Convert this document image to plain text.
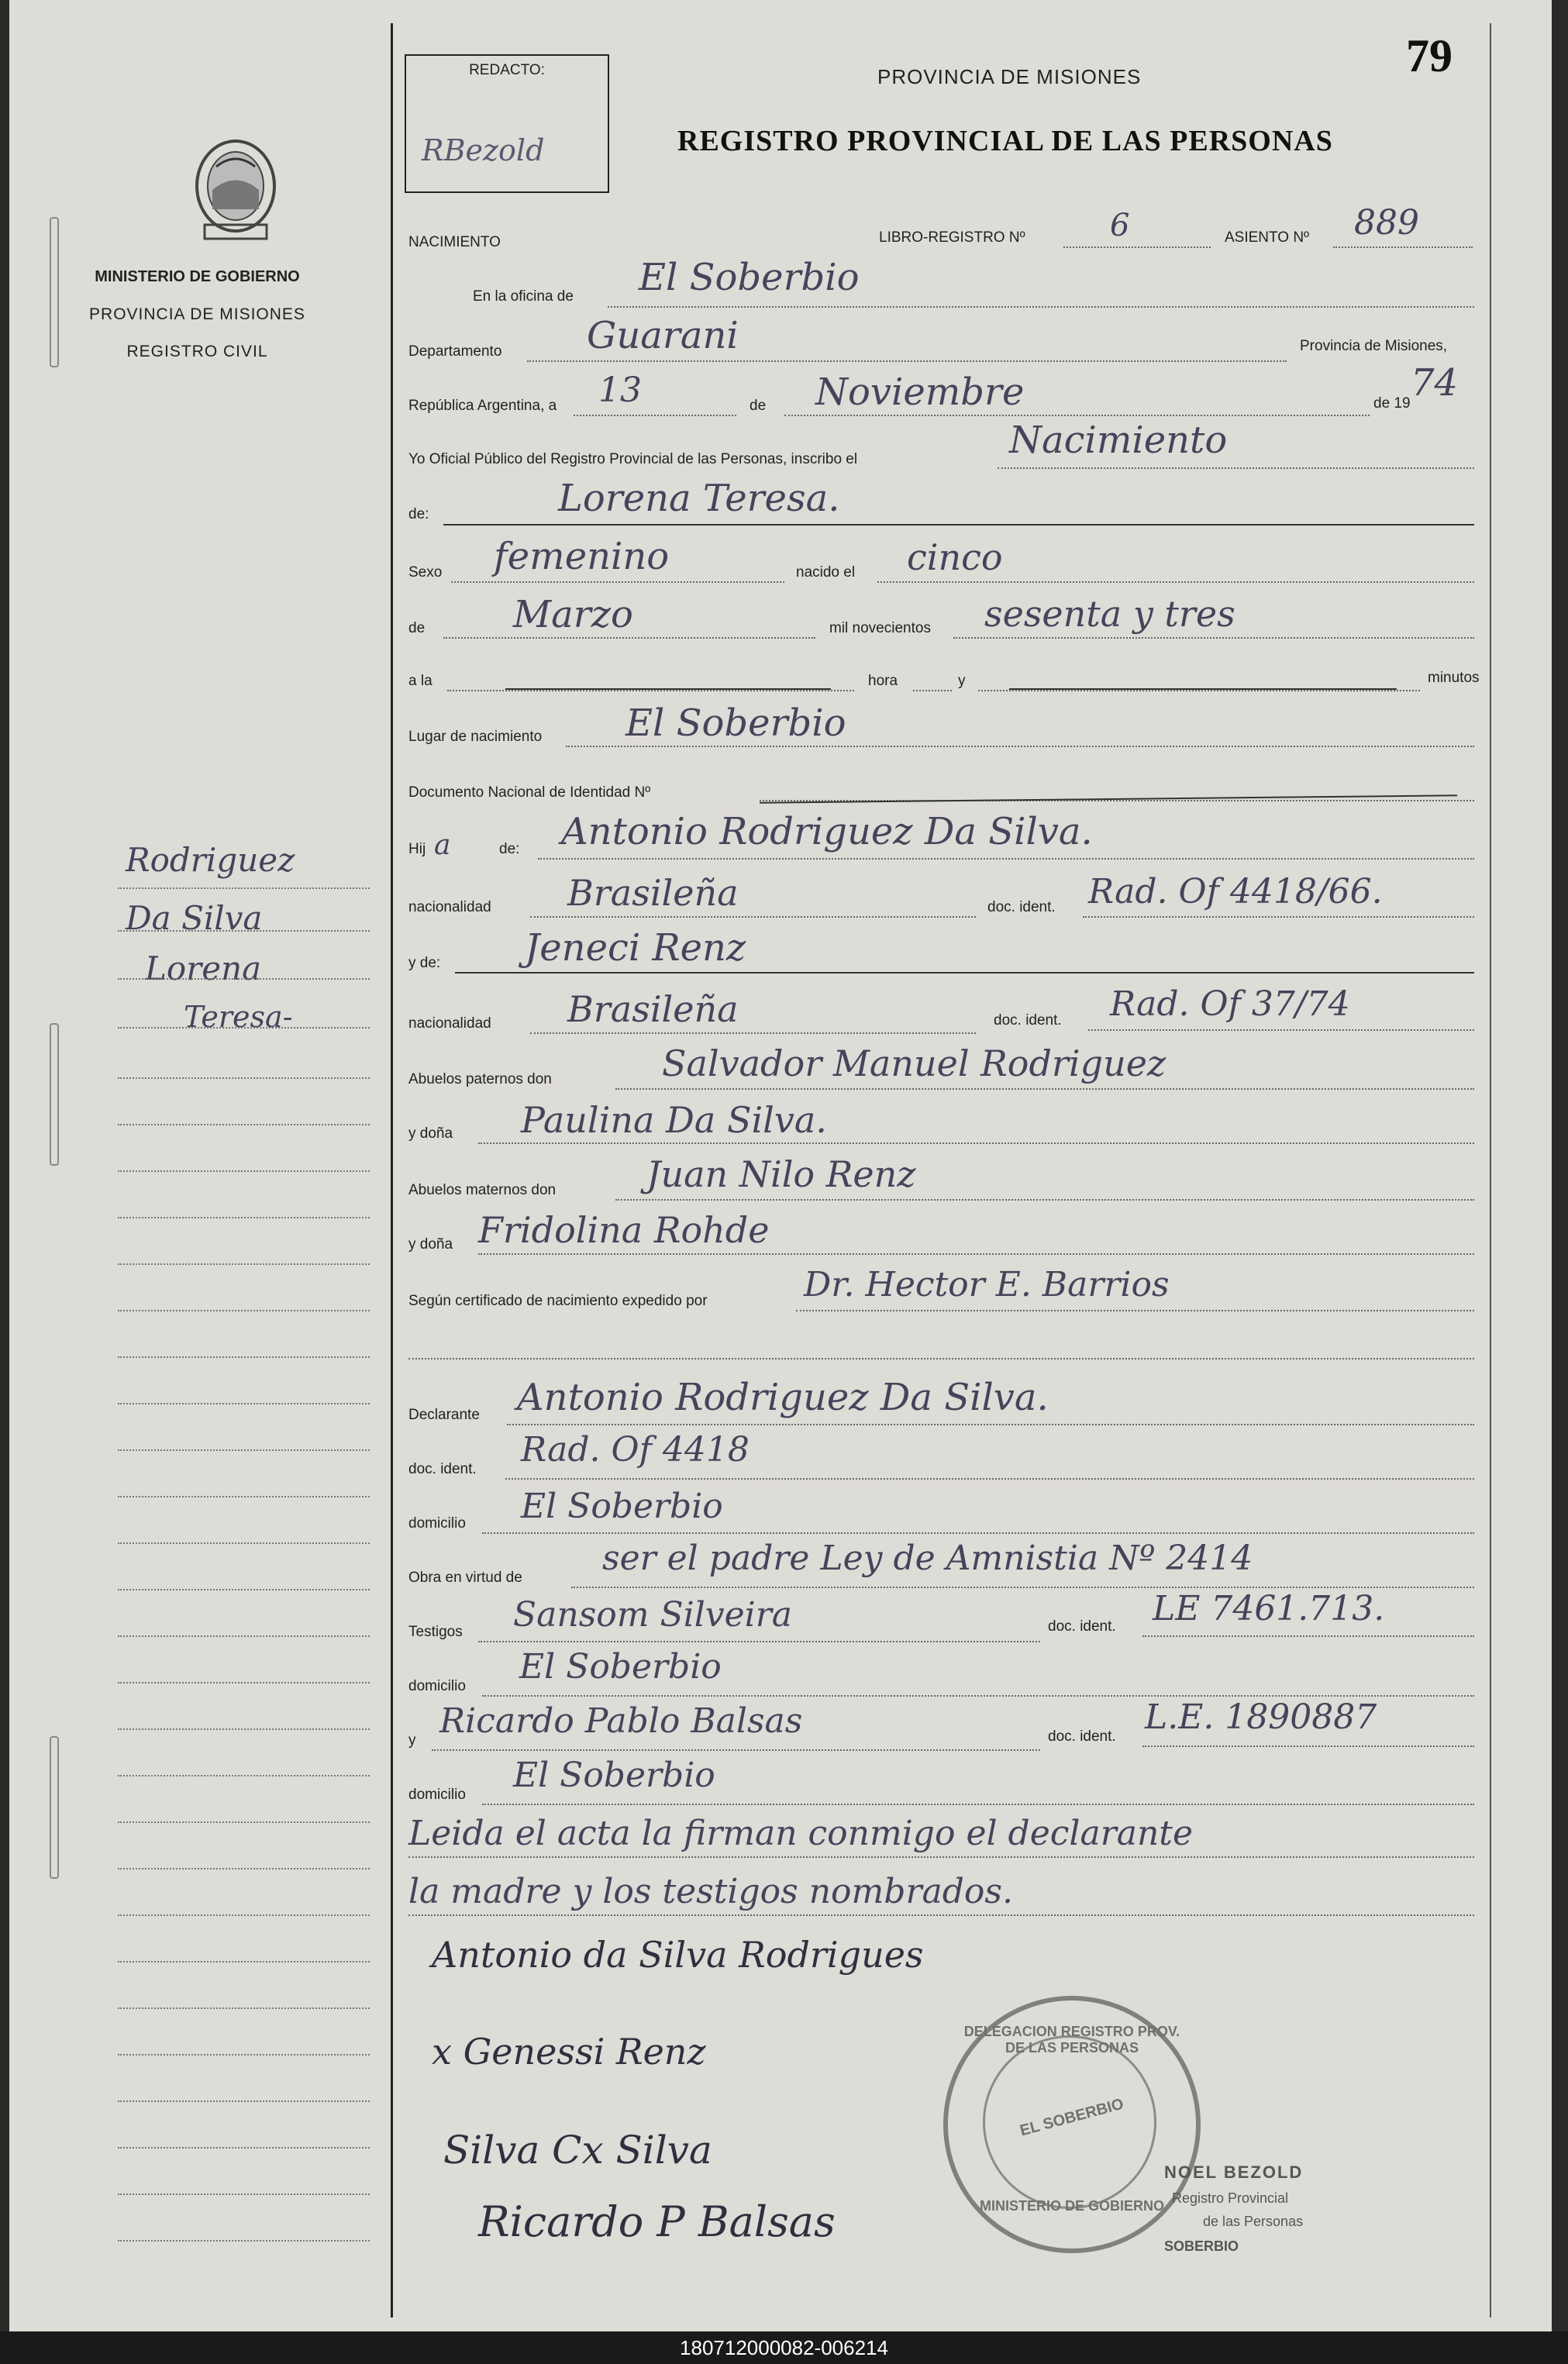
MINISTERIO DE GOBIERNO
PROVINCIA DE MISIONES
REGISTRO CIVIL
Rodriguez
Da Silva
Lorena
Teresa-
REDACTO:
RBezold
79
PROVINCIA DE MISIONES
REGISTRO PROVINCIAL DE LAS PERSONAS
NACIMIENTO	LIBRO-REGISTRO Nº	6	ASIENTO Nº 889
En la oficina de El Soberbio
Departamento Guarani	Provincia de Misiones,
República Argentina, a 13	de Noviembre	de 19 74
Yo Oficial Público del Registro Provincial de las Personas, inscribo el	Nacimiento
de:	Lorena Teresa.
Sexo femenino	nacido el cinco
de Marzo	mil novecientos sesenta y tres
a la	hora	y	minutos
Lugar de nacimiento El Soberbio
Documento Nacional de Identidad Nº
Hij a	de: Antonio Rodriguez Da Silva.
nacionalidad Brasileña	doc. ident. Rad. Of 4418/66.
y de: Jeneci Renz
nacionalidad Brasileña	doc. ident. Rad. Of 37/74
Abuelos paternos don	Salvador Manuel Rodriguez
y doña Paulina Da Silva.
Abuelos maternos don	Juan Nilo Renz
y doña Fridolina Rohde
Según certificado de nacimiento expedido por	Dr. Hector E. Barrios
Declarante Antonio Rodriguez Da Silva.
doc. ident. Rad. Of 4418
domicilio El Soberbio
Obra en virtud de ser el padre Ley de Amnistia Nº 2414
Testigos Sansom Silveira	doc. ident. LE 7461.713.
domicilio El Soberbio
y Ricardo Pablo Balsas	doc. ident. L.E. 1890887
domicilio El Soberbio
Leida el acta la firman conmigo el declarante
la madre y los testigos nombrados.
Antonio da Silva Rodrigues
x Genessi Renz
Silva Cx Silva
Ricardo P Balsas
DELEGACION REGISTRO PROV. DE LAS PERSONAS
EL SOBERBIO
MINISTERIO DE GOBIERNO
NOEL BEZOLD
Registro Provincial
de las Personas
SOBERBIO
180712000082-006214
